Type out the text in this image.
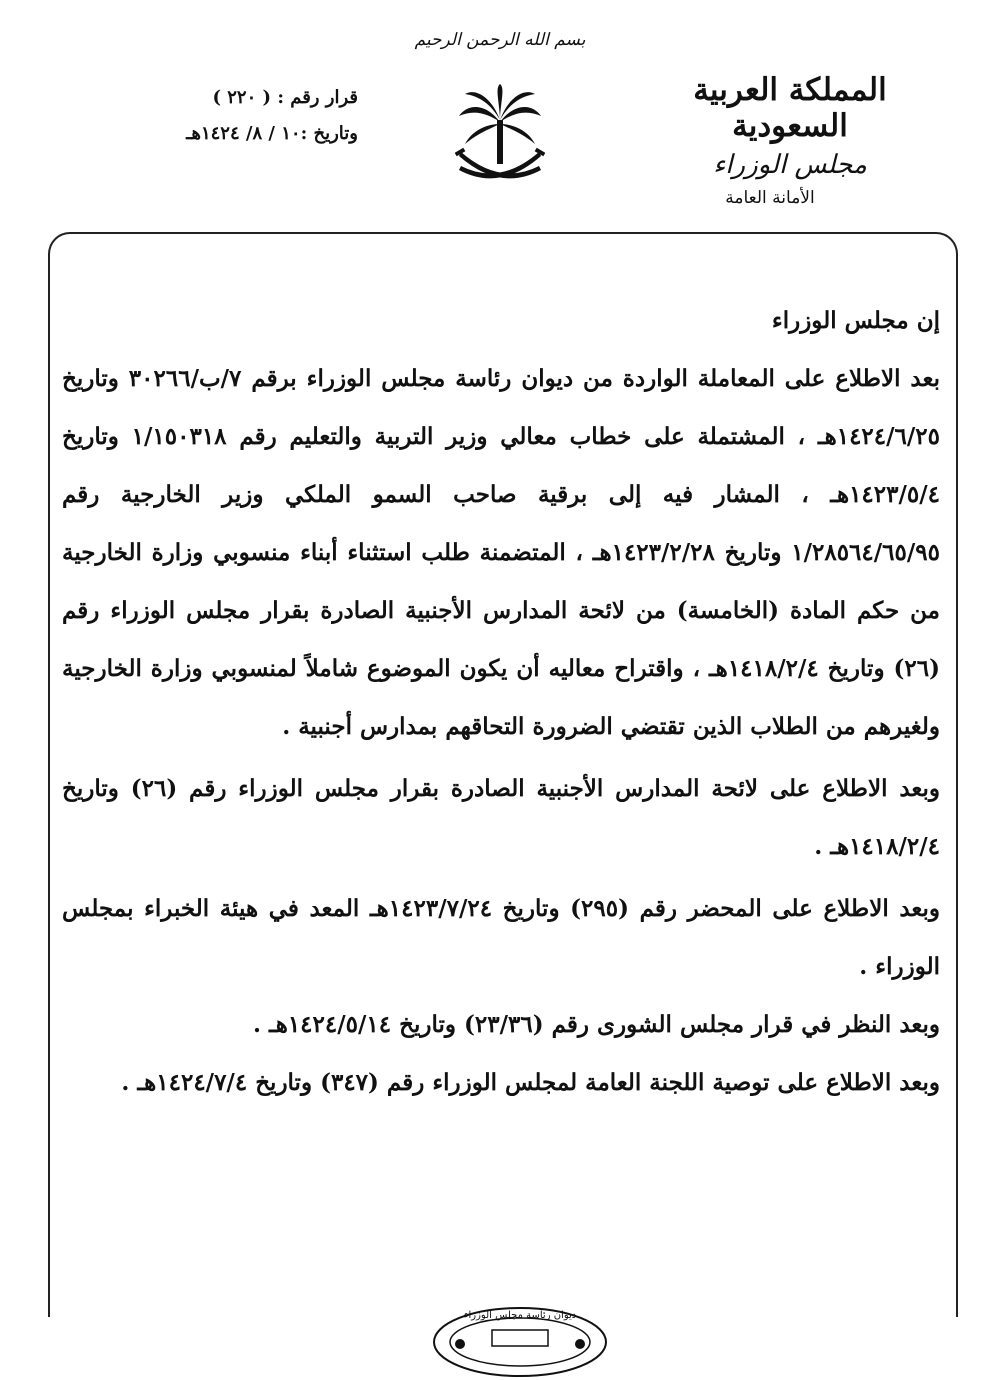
بسم الله الرحمن الرحيم
المملكة العربية السعودية
مجلس الوزراء
الأمانة العامة
قرار رقم : ( ٢٢٠ )
وتاريخ :١٠ / ٨/ ١٤٢٤هـ

إن مجلس الوزراء

بعد الاطلاع على المعاملة الواردة من ديوان رئاسة مجلس الوزراء برقم ٧/ب/٣٠٢٦٦ وتاريخ ١٤٢٤/٦/٢٥هـ ، المشتملة على خطاب معالي وزير التربية والتعليم رقم ١/١٥٠٣١٨ وتاريخ ١٤٢٣/٥/٤هـ ، المشار فيه إلى برقية صاحب السمو الملكي وزير الخارجية رقم ١/٢٨٥٦٤/٦٥/٩٥ وتاريخ ١٤٢٣/٢/٢٨هـ ، المتضمنة طلب استثناء أبناء منسوبي وزارة الخارجية من حكم المادة (الخامسة) من لائحة المدارس الأجنبية الصادرة بقرار مجلس الوزراء رقم (٢٦) وتاريخ ١٤١٨/٢/٤هـ ، واقتراح معاليه أن يكون الموضوع شاملاً لمنسوبي وزارة الخارجية ولغيرهم من الطلاب الذين تقتضي الضرورة التحاقهم بمدارس أجنبية .

وبعد الاطلاع على لائحة المدارس الأجنبية الصادرة بقرار مجلس الوزراء رقم (٢٦) وتاريخ ١٤١٨/٢/٤هـ .

وبعد الاطلاع على المحضر رقم (٢٩٥) وتاريخ ١٤٢٣/٧/٢٤هـ المعد في هيئة الخبراء بمجلس الوزراء .

وبعد النظر في قرار مجلس الشورى رقم (٢٣/٣٦) وتاريخ ١٤٢٤/٥/١٤هـ .

وبعد الاطلاع على توصية اللجنة العامة لمجلس الوزراء رقم (٣٤٧) وتاريخ ١٤٢٤/٧/٤هـ .

ديوان رئاسة مجلس الوزراء
